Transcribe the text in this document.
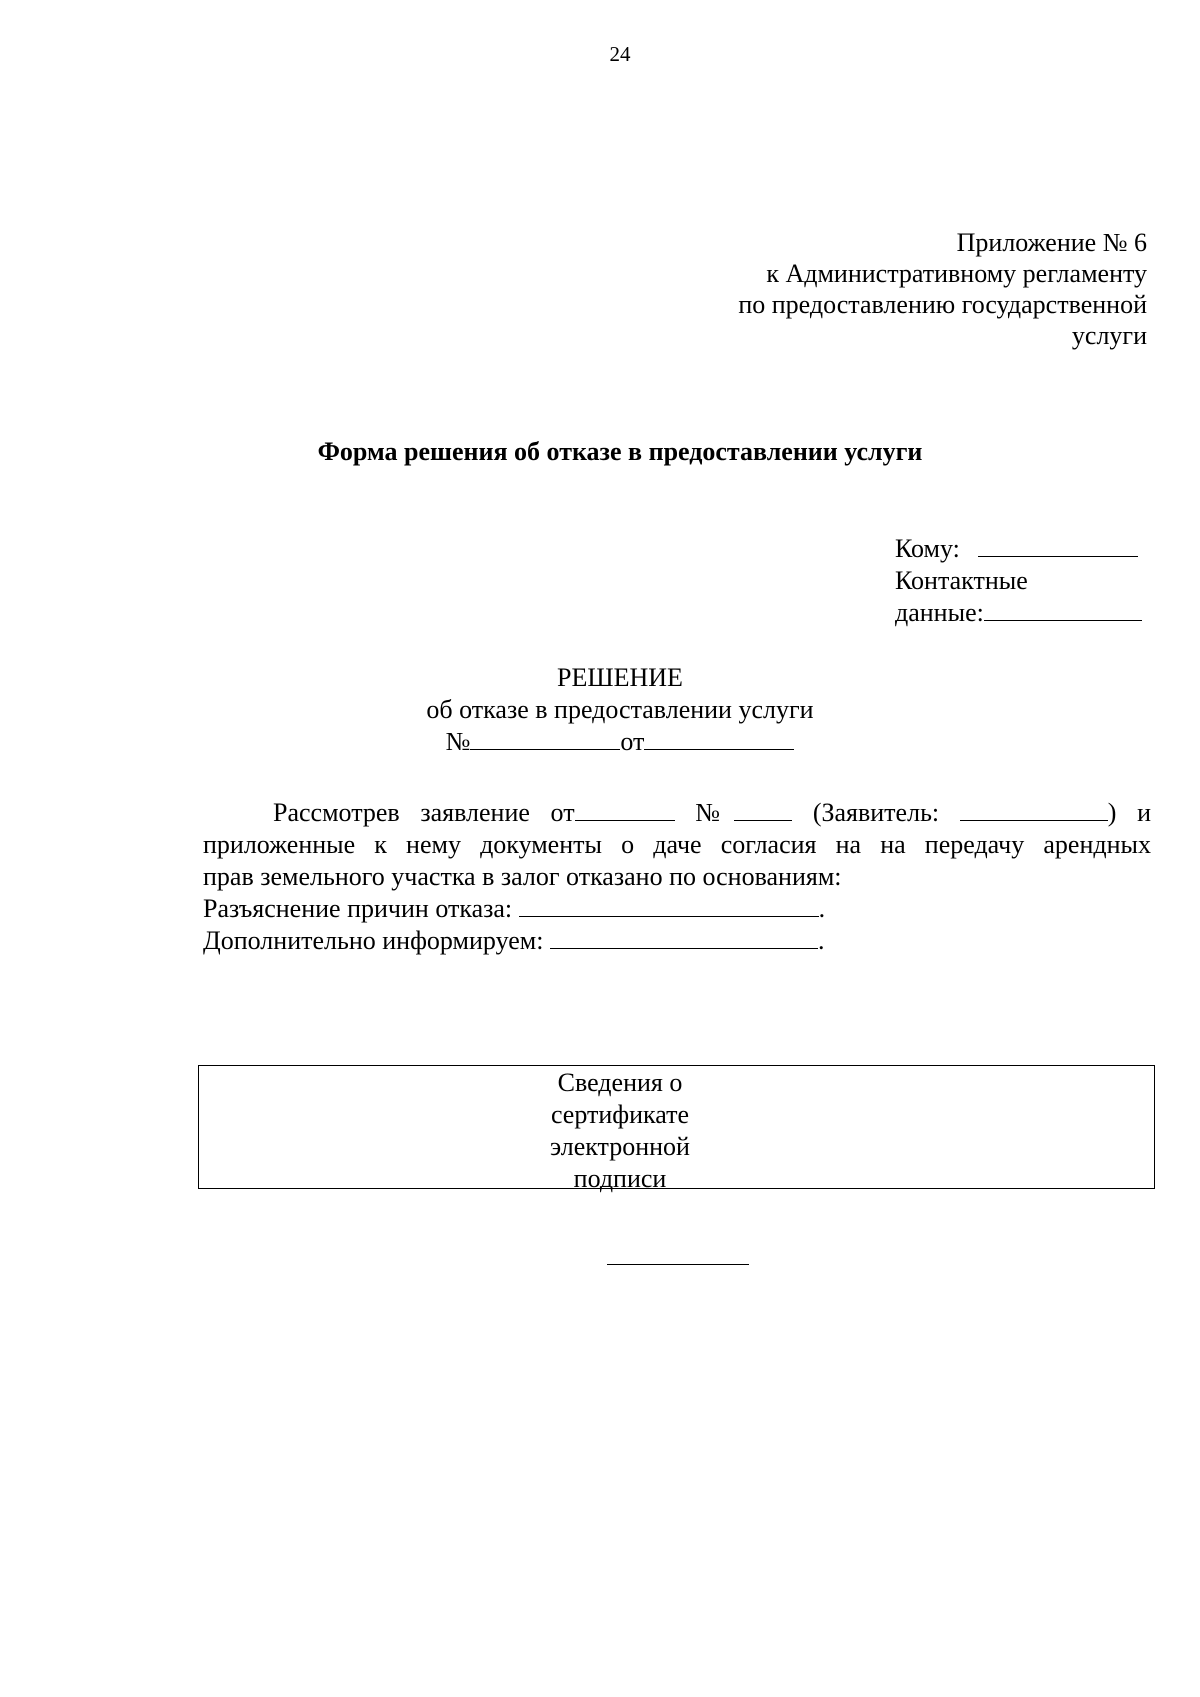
24
Приложение № 6
к Административному регламенту
по предоставлению государственной
услуги
Форма решения об отказе в предоставлении услуги
Кому:
Контактные
данные:
РЕШЕНИЕ
об отказе в предоставлении услуги
№	от
Рассмотрев заявление от	№	(Заявитель:	) и
приложенные к нему документы о даче согласия на на передачу арендных
прав земельного участка в залог отказано по основаниям:
Разъяснение причин отказа:	.
Дополнительно информируем:	.
Сведения о
сертификате
электронной
подписи
